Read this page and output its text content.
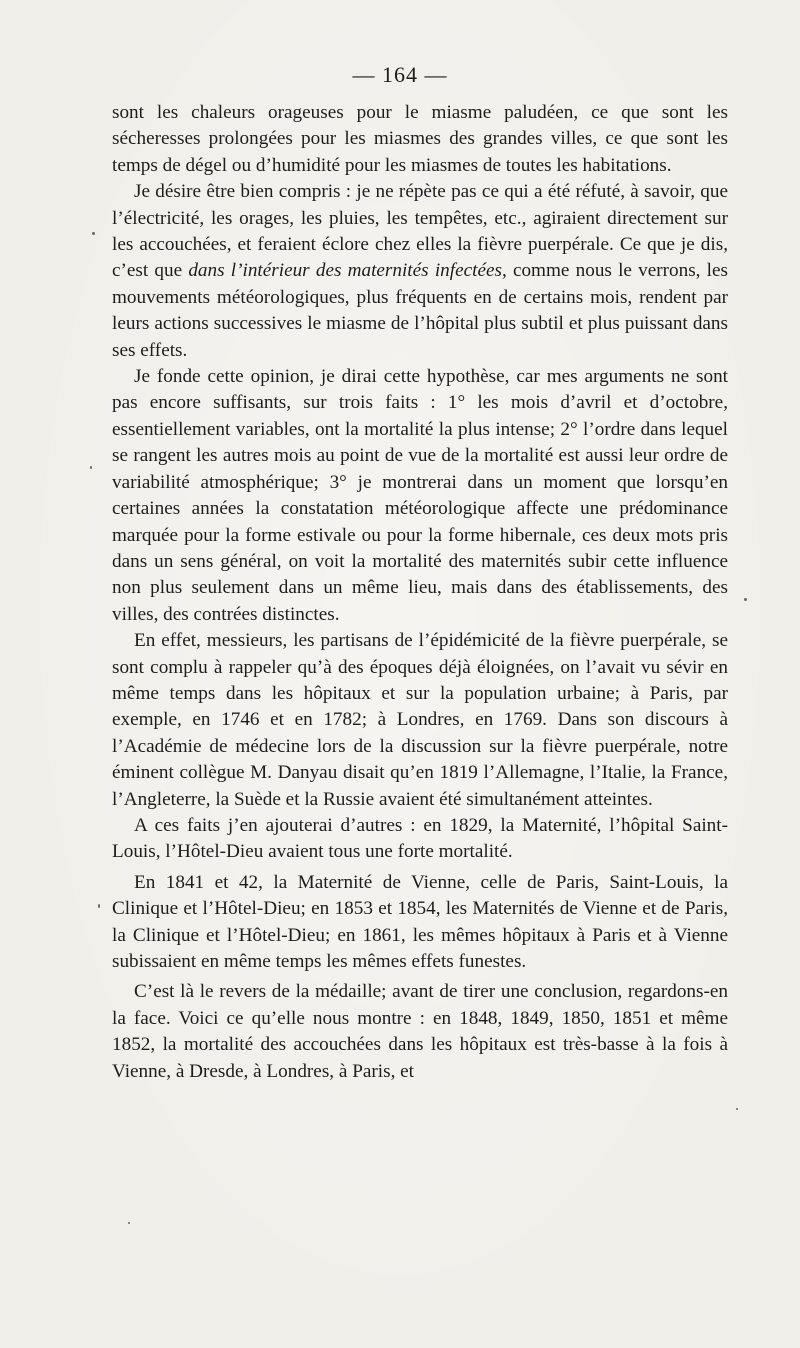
— 164 —

sont les chaleurs orageuses pour le miasme paludéen, ce que sont les sécheresses prolongées pour les miasmes des grandes villes, ce que sont les temps de dégel ou d’humidité pour les miasmes de toutes les habitations.

Je désire être bien compris : je ne répète pas ce qui a été réfuté, à savoir, que l’électricité, les orages, les pluies, les tempêtes, etc., agiraient directement sur les accouchées, et feraient éclore chez elles la fièvre puerpérale. Ce que je dis, c’est que dans l’intérieur des maternités infectées, comme nous le verrons, les mouvements météorologiques, plus fréquents en de certains mois, rendent par leurs actions successives le miasme de l’hôpital plus subtil et plus puissant dans ses effets.

Je fonde cette opinion, je dirai cette hypothèse, car mes arguments ne sont pas encore suffisants, sur trois faits : 1° les mois d’avril et d’octobre, essentiellement variables, ont la mortalité la plus intense; 2° l’ordre dans lequel se rangent les autres mois au point de vue de la mortalité est aussi leur ordre de variabilité atmosphérique; 3° je montrerai dans un moment que lorsqu’en certaines années la constatation météorologique affecte une prédominance marquée pour la forme estivale ou pour la forme hibernale, ces deux mots pris dans un sens général, on voit la mortalité des maternités subir cette influence non plus seulement dans un même lieu, mais dans des établissements, des villes, des contrées distinctes.

En effet, messieurs, les partisans de l’épidémicité de la fièvre puerpérale, se sont complu à rappeler qu’à des époques déjà éloignées, on l’avait vu sévir en même temps dans les hôpitaux et sur la population urbaine; à Paris, par exemple, en 1746 et en 1782; à Londres, en 1769. Dans son discours à l’Académie de médecine lors de la discussion sur la fièvre puerpérale, notre éminent collègue M. Danyau disait qu’en 1819 l’Allemagne, l’Italie, la France, l’Angleterre, la Suède et la Russie avaient été simultanément atteintes.

A ces faits j’en ajouterai d’autres : en 1829, la Maternité, l’hôpital Saint-Louis, l’Hôtel-Dieu avaient tous une forte mortalité.

En 1841 et 42, la Maternité de Vienne, celle de Paris, Saint-Louis, la Clinique et l’Hôtel-Dieu; en 1853 et 1854, les Maternités de Vienne et de Paris, la Clinique et l’Hôtel-Dieu; en 1861, les mêmes hôpitaux à Paris et à Vienne subissaient en même temps les mêmes effets funestes.

C’est là le revers de la médaille; avant de tirer une conclusion, regardons-en la face. Voici ce qu’elle nous montre : en 1848, 1849, 1850, 1851 et même 1852, la mortalité des accouchées dans les hôpitaux est très-basse à la fois à Vienne, à Dresde, à Londres, à Paris, et
